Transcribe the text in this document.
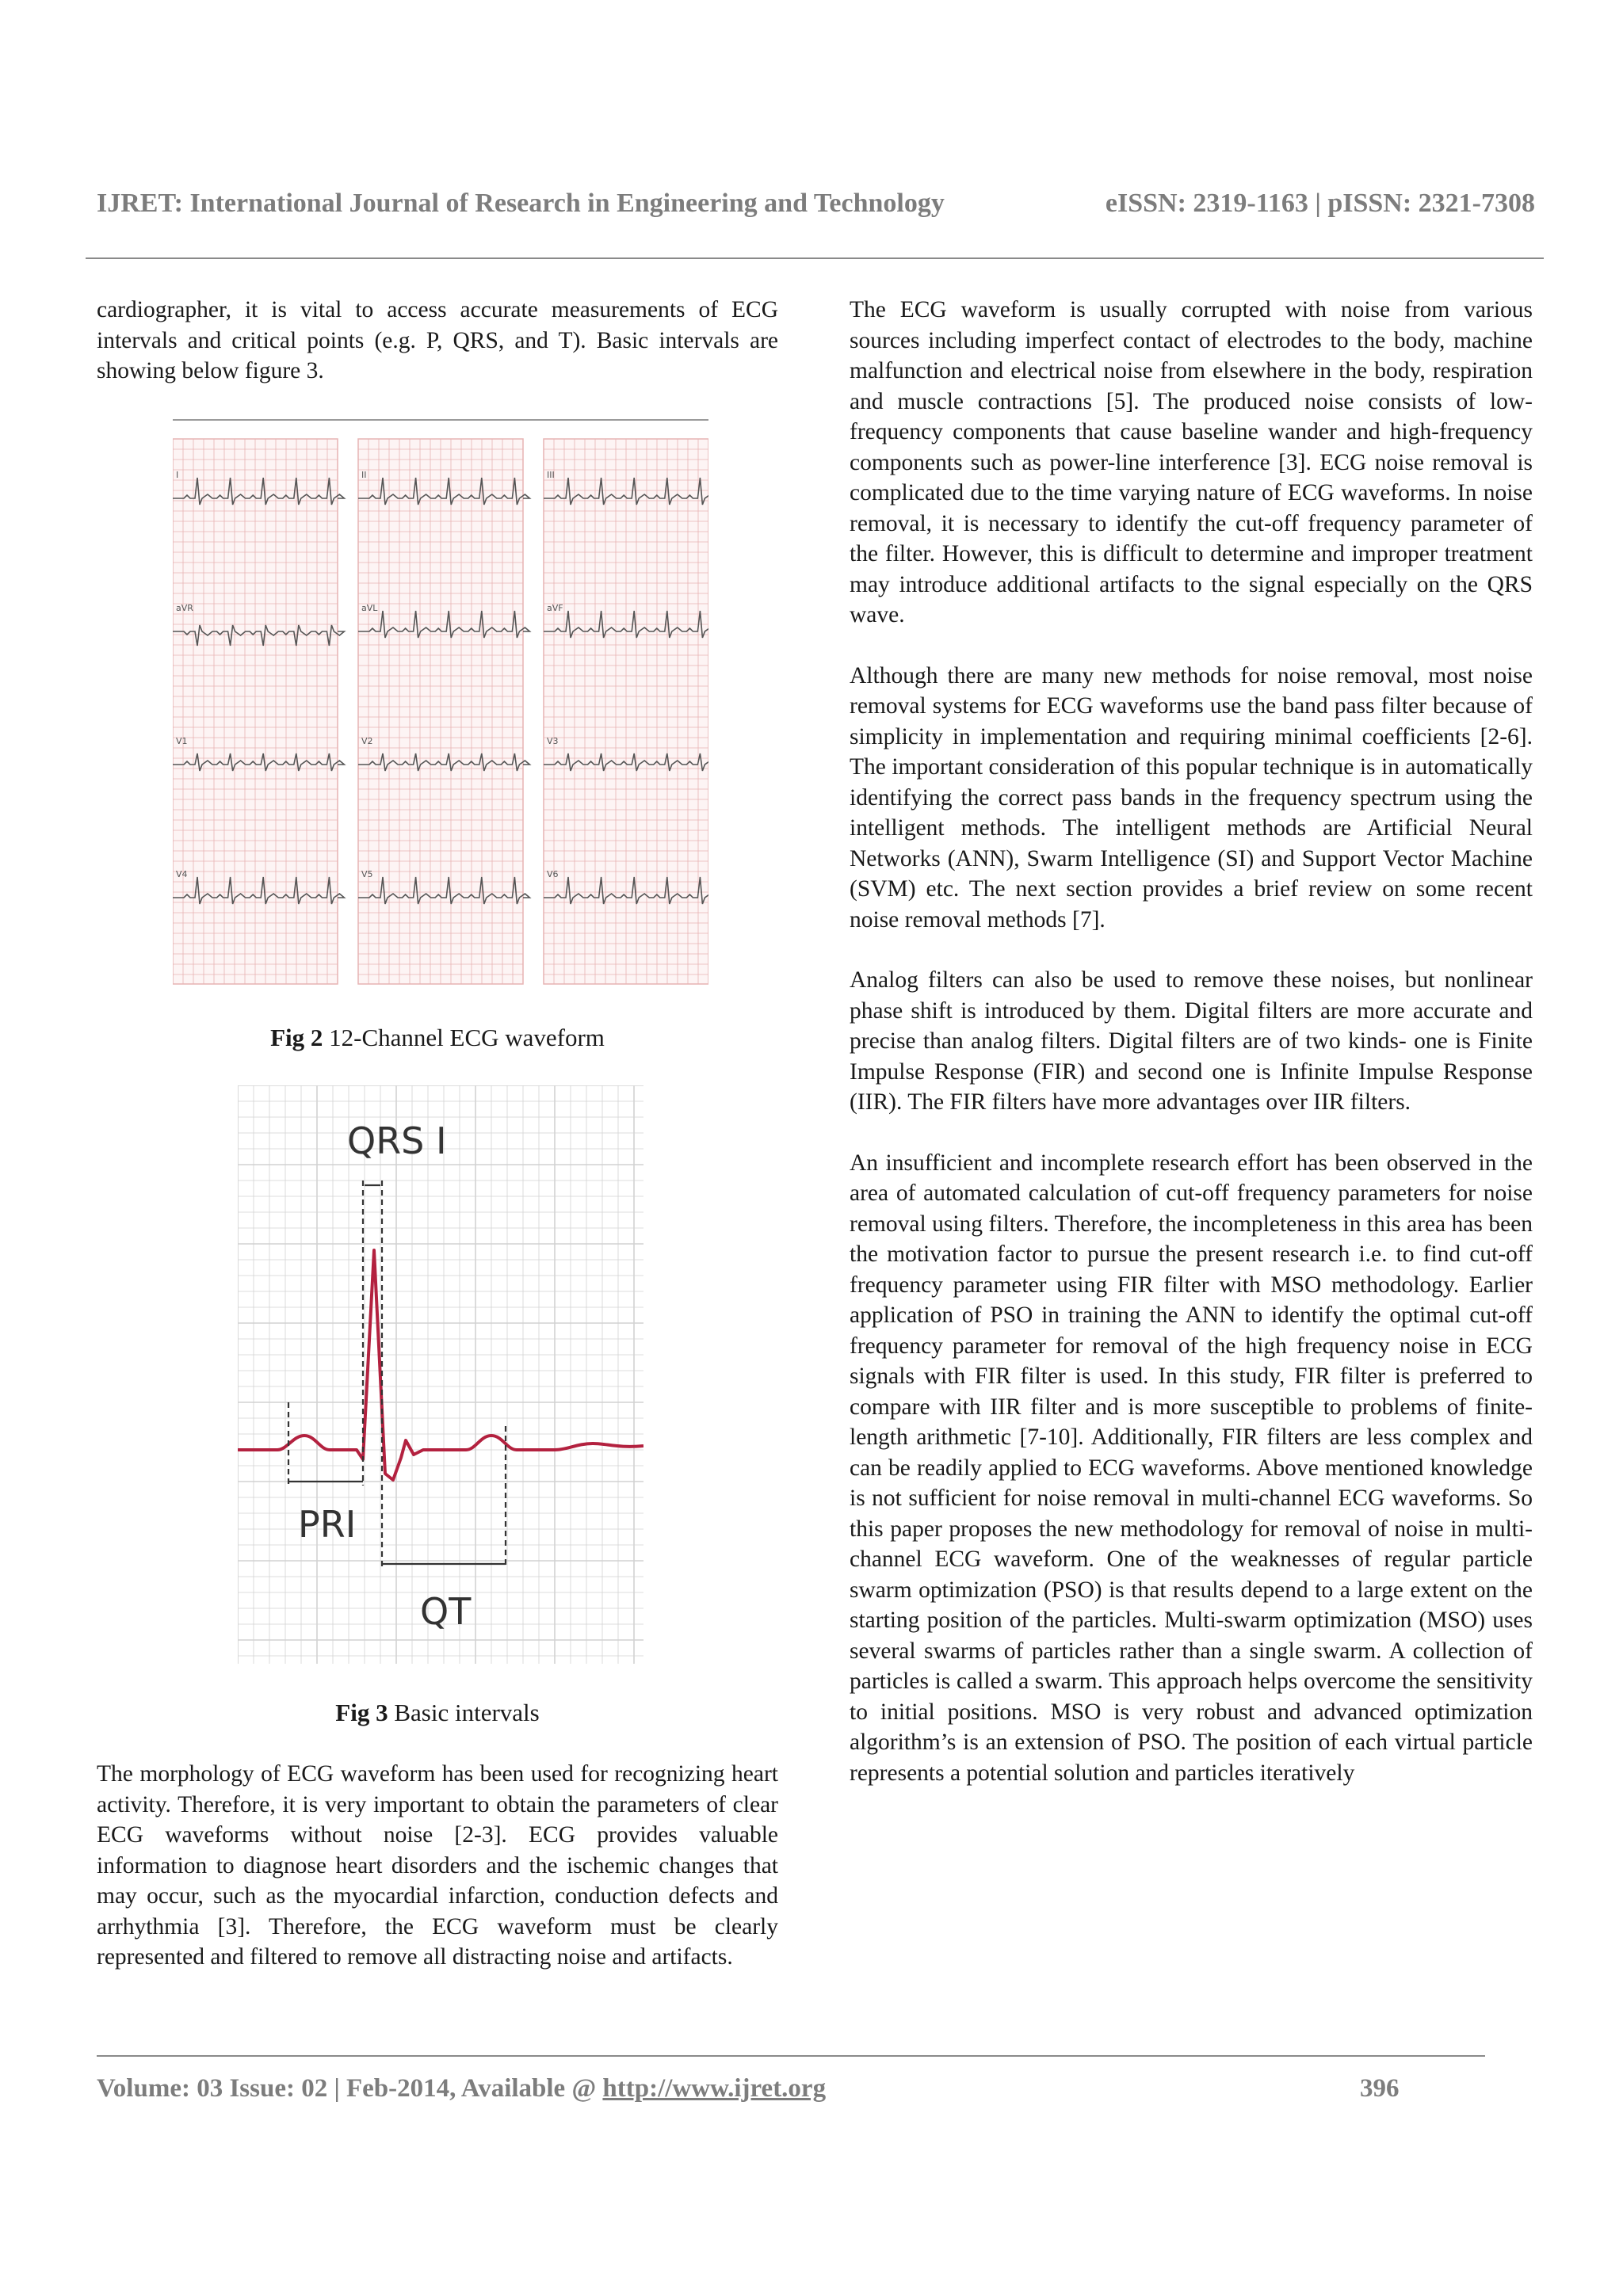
IJRET: International Journal of Research in Engineering and Technology	eISSN: 2319-1163 | pISSN: 2321-7308

cardiographer, it is vital to access accurate measurements of ECG intervals and critical points (e.g. P, QRS, and T). Basic intervals are showing below figure 3.

I
aVR
V1
V4
II
aVL
V2
V5
III
aVF
V3
V6
Fig 2 12-Channel ECG waveform
QRS I
PRI
QT
Fig 3 Basic intervals

The morphology of ECG waveform has been used for recognizing heart activity. Therefore, it is very important to obtain the parameters of clear ECG waveforms without noise [2-3]. ECG provides valuable information to diagnose heart disorders and the ischemic changes that may occur, such as the myocardial infarction, conduction defects and arrhythmia [3]. Therefore, the ECG waveform must be clearly represented and filtered to remove all distracting noise and artifacts.

The ECG waveform is usually corrupted with noise from various sources including imperfect contact of electrodes to the body, machine malfunction and electrical noise from elsewhere in the body, respiration and muscle contractions [5]. The produced noise consists of low-frequency components that cause baseline wander and high-frequency components such as power-line interference [3]. ECG noise removal is complicated due to the time varying nature of ECG waveforms. In noise removal, it is necessary to identify the cut-off frequency parameter of the filter. However, this is difficult to determine and improper treatment may introduce additional artifacts to the signal especially on the QRS wave.

Although there are many new methods for noise removal, most noise removal systems for ECG waveforms use the band pass filter because of simplicity in implementation and requiring minimal coefficients [2-6]. The important consideration of this popular technique is in automatically identifying the correct pass bands in the frequency spectrum using the intelligent methods. The intelligent methods are Artificial Neural Networks (ANN), Swarm Intelligence (SI) and Support Vector Machine (SVM) etc. The next section provides a brief review on some recent noise removal methods [7].

Analog filters can also be used to remove these noises, but nonlinear phase shift is introduced by them. Digital filters are more accurate and precise than analog filters. Digital filters are of two kinds- one is Finite Impulse Response (FIR) and second one is Infinite Impulse Response (IIR). The FIR filters have more advantages over IIR filters.

An insufficient and incomplete research effort has been observed in the area of automated calculation of cut-off frequency parameters for noise removal using filters. Therefore, the incompleteness in this area has been the motivation factor to pursue the present research i.e. to find cut-off frequency parameter using FIR filter with MSO methodology. Earlier application of PSO in training the ANN to identify the optimal cut-off frequency parameter for removal of the high frequency noise in ECG signals with FIR filter is used. In this study, FIR filter is preferred to compare with IIR filter and is more susceptible to problems of finite-length arithmetic [7-10]. Additionally, FIR filters are less complex and can be readily applied to ECG waveforms. Above mentioned knowledge is not sufficient for noise removal in multi-channel ECG waveforms. So this paper proposes the new methodology for removal of noise in multi-channel ECG waveform. One of the weaknesses of regular particle swarm optimization (PSO) is that results depend to a large extent on the starting position of the particles. Multi-swarm optimization (MSO) uses several swarms of particles rather than a single swarm. A collection of particles is called a swarm. This approach helps overcome the sensitivity to initial positions. MSO is very robust and advanced optimization algorithm’s is an extension of PSO. The position of each virtual particle represents a potential solution and particles iteratively

Volume: 03 Issue: 02 | Feb-2014, Available @ http://www.ijret.org	396
